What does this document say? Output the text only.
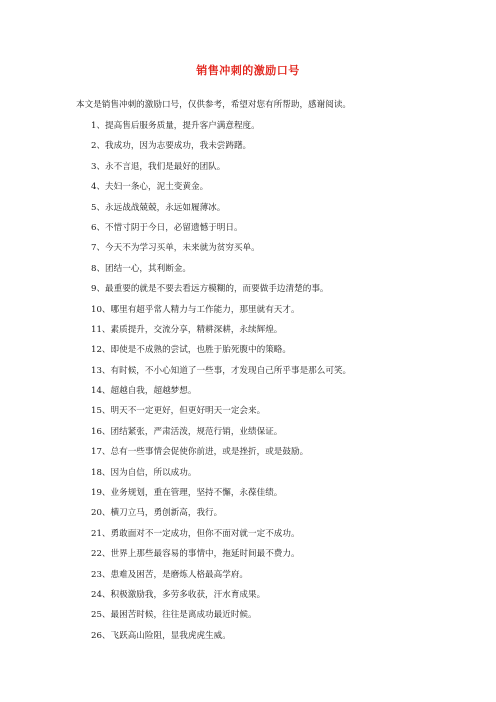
销售冲刺的激励口号
本文是销售冲刺的激励口号，仅供参考，希望对您有所帮助，感谢阅读。
1、提高售后服务质量，提升客户满意程度。
2、我成功，因为志要成功，我未尝踌躇。
3、永不言退，我们是最好的团队。
4、夫妇一条心，泥土变黄金。
5、永远战战兢兢，永远如履薄冰。
6、不惜寸阴于今日，必留遗憾于明日。
7、今天不为学习买单，未来就为贫穷买单。
8、团结一心，其利断金。
9、最重要的就是不要去看远方模糊的，而要做手边清楚的事。
10、哪里有超乎常人精力与工作能力，那里就有天才。
11、素质提升，交流分享，精耕深耕，永续辉煌。
12、即使是不成熟的尝试，也胜于胎死腹中的策略。
13、有时候，不小心知道了一些事，才发现自己所乎事是那么可笑。
14、超越自我，超越梦想。
15、明天不一定更好，但更好明天一定会来。
16、团结紧张，严肃活泼，规范行销，业绩保证。
17、总有一些事情会促使你前进，或是挫折，或是鼓励。
18、因为自信，所以成功。
19、业务规划，重在管理，坚持不懈，永葆佳绩。
20、横刀立马，勇创新高，我行。
21、勇敢面对不一定成功，但你不面对就一定不成功。
22、世界上那些最容易的事情中，拖延时间最不费力。
23、患难及困苦，是磨炼人格最高学府。
24、积极激励我，多劳多收获，汗水育成果。
25、最困苦时候，往往是离成功最近时候。
26、飞跃高山险阻，显我虎虎生威。
